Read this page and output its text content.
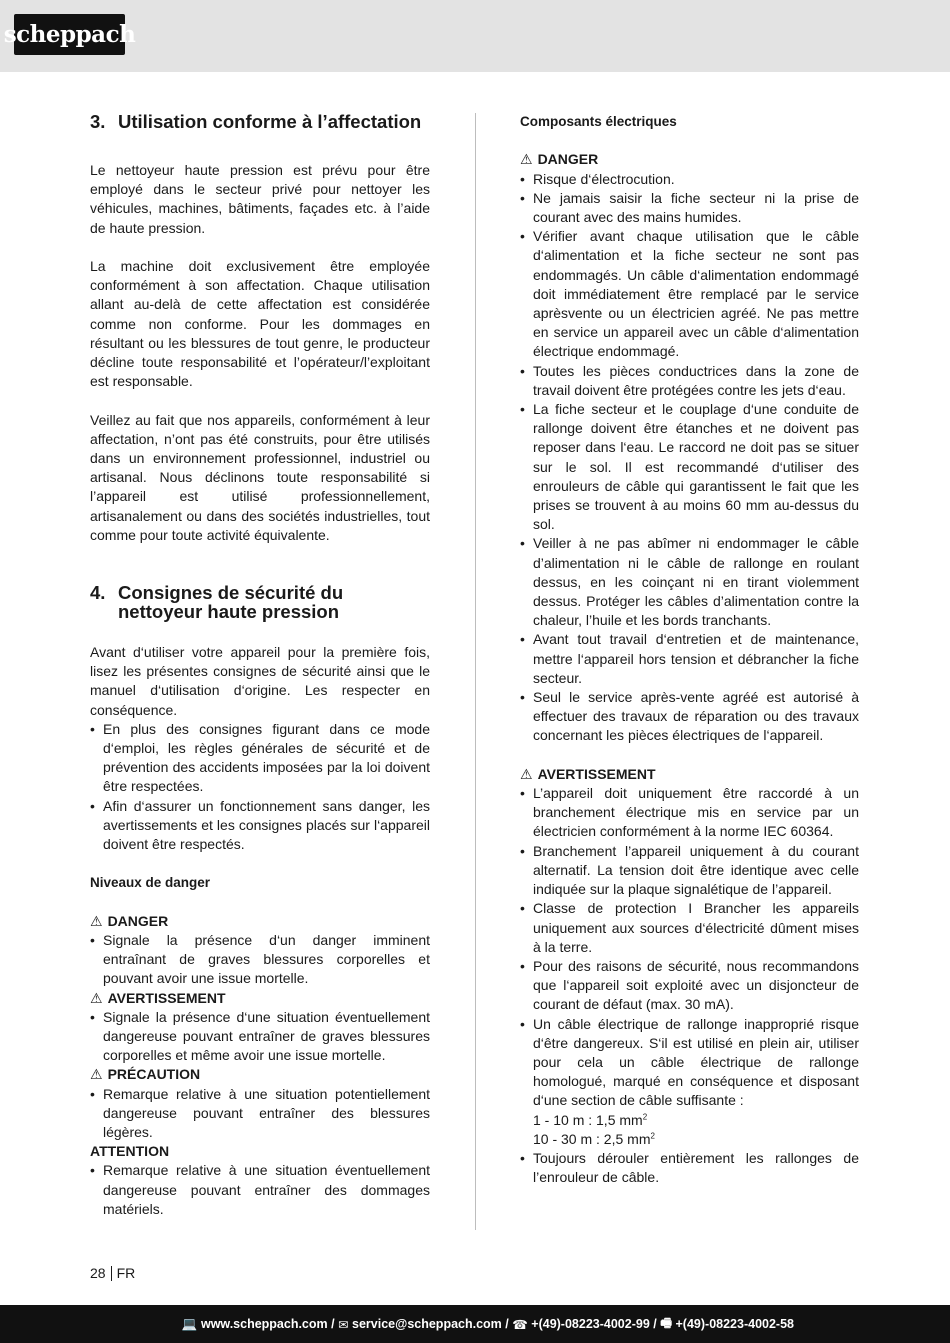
scheppach
3. Utilisation conforme à l’affectation

Le nettoyeur haute pression est prévu pour être employé dans le secteur privé pour nettoyer les véhicules, machines, bâtiments, façades etc. à l’aide de haute pression.

La machine doit exclusivement être employée conformément à son affectation. Chaque utilisation allant au-delà de cette affectation est considérée comme non conforme. Pour les dommages en résultant ou les blessures de tout genre, le producteur décline toute responsabilité et l’opérateur/l’exploitant est responsable.

Veillez au fait que nos appareils, conformément à leur affectation, n’ont pas été construits, pour être utilisés dans un environnement professionnel, industriel ou artisanal. Nous déclinons toute responsabilité si l’appareil est utilisé professionnellement, artisanalement ou dans des sociétés industrielles, tout comme pour toute activité équivalente.

4. Consignes de sécurité du nettoyeur haute pression

Avant d‘utiliser votre appareil pour la première fois, lisez les présentes consignes de sécurité ainsi que le manuel d‘utilisation d‘origine. Les respecter en conséquence.

• En plus des consignes figurant dans ce mode d‘emploi, les règles générales de sécurité et de prévention des accidents imposées par la loi doivent être respectées.
• Afin d‘assurer un fonctionnement sans danger, les avertissements et les consignes placés sur l‘appareil doivent être respectés.
Niveaux de danger
⚠ DANGER
• Signale la présence d‘un danger imminent entraînant de graves blessures corporelles et pouvant avoir une issue mortelle.
⚠ AVERTISSEMENT
• Signale la présence d‘une situation éventuellement dangereuse pouvant entraîner de graves blessures corporelles et même avoir une issue mortelle.
⚠ PRÉCAUTION
• Remarque relative à une situation potentiellement dangereuse pouvant entraîner des blessures légères.
ATTENTION
• Remarque relative à une situation éventuellement dangereuse pouvant entraîner des dommages matériels.
Composants électriques
⚠ DANGER
• Risque d‘électrocution.
• Ne jamais saisir la fiche secteur ni la prise de courant avec des mains humides.
• Vérifier avant chaque utilisation que le câble d‘alimentation et la fiche secteur ne sont pas endommagés. Un câble d‘alimentation endommagé doit immédiatement être remplacé par le service aprèsvente ou un électricien agréé. Ne pas mettre en service un appareil avec un câble d‘alimentation électrique endommagé.
• Toutes les pièces conductrices dans la zone de travail doivent être protégées contre les jets d‘eau.
• La fiche secteur et le couplage d‘une conduite de rallonge doivent être étanches et ne doivent pas reposer dans l‘eau. Le raccord ne doit pas se situer sur le sol. Il est recommandé d‘utiliser des enrouleurs de câble qui garantissent le fait que les prises se trouvent à au moins 60 mm au-dessus du sol.
• Veiller à ne pas abîmer ni endommager le câble d’alimentation ni le câble de rallonge en roulant dessus, en les coinçant ni en tirant violemment dessus. Protéger les câbles d’alimentation contre la chaleur, l’huile et les bords tranchants.
• Avant tout travail d‘entretien et de maintenance, mettre l‘appareil hors tension et débrancher la fiche secteur.
• Seul le service après-vente agréé est autorisé à effectuer des travaux de réparation ou des travaux concernant les pièces électriques de l‘appareil.
⚠ AVERTISSEMENT
• L’appareil doit uniquement être raccordé à un branchement électrique mis en service par un électricien conformément à la norme IEC 60364.
• Branchement l’appareil uniquement à du courant alternatif. La tension doit être identique avec celle indiquée sur la plaque signalétique de l’appareil.
• Classe de protection I Brancher les appareils uniquement aux sources d‘électricité dûment mises à la terre.
• Pour des raisons de sécurité, nous recommandons que l‘appareil soit exploité avec un disjoncteur de courant de défaut (max. 30 mA).
• Un câble électrique de rallonge inapproprié risque d‘être dangereux. S‘il est utilisé en plein air, utiliser pour cela un câble électrique de rallonge homologué, marqué en conséquence et disposant d‘une section de câble suffisante :
1 - 10 m : 1,5 $mm^2$
10 - 30 m : 2,5 $mm^2$
• Toujours dérouler entièrement les rallonges de l’enrouleur de câble.
28 FR
💻
www.scheppach.com / ✉
service@scheppach.com / ☎
+(49)-08223-4002-99 / 🖷
+(49)-08223-4002-58
